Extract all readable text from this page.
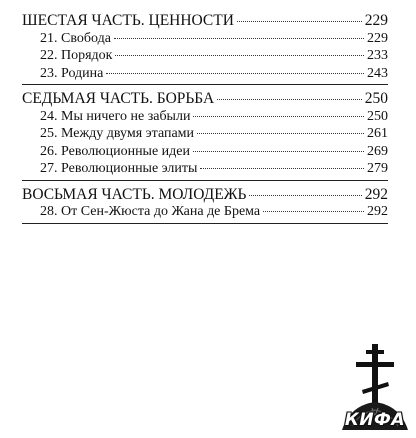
ШЕСТАЯ ЧАСТЬ. ЦЕННОСТИ	229
21. Свобода	229
22. Порядок	233
23. Родина	243
СЕДЬМАЯ ЧАСТЬ. БОРЬБА	250
24. Мы ничего не забыли	250
25. Между двумя этапами	261
26. Революционные идеи	269
27. Революционные элиты	279
ВОСЬМАЯ ЧАСТЬ. МОЛОДЕЖЬ	292
28. От Сен-Жюста до Жана де Брема	292
КИФА
